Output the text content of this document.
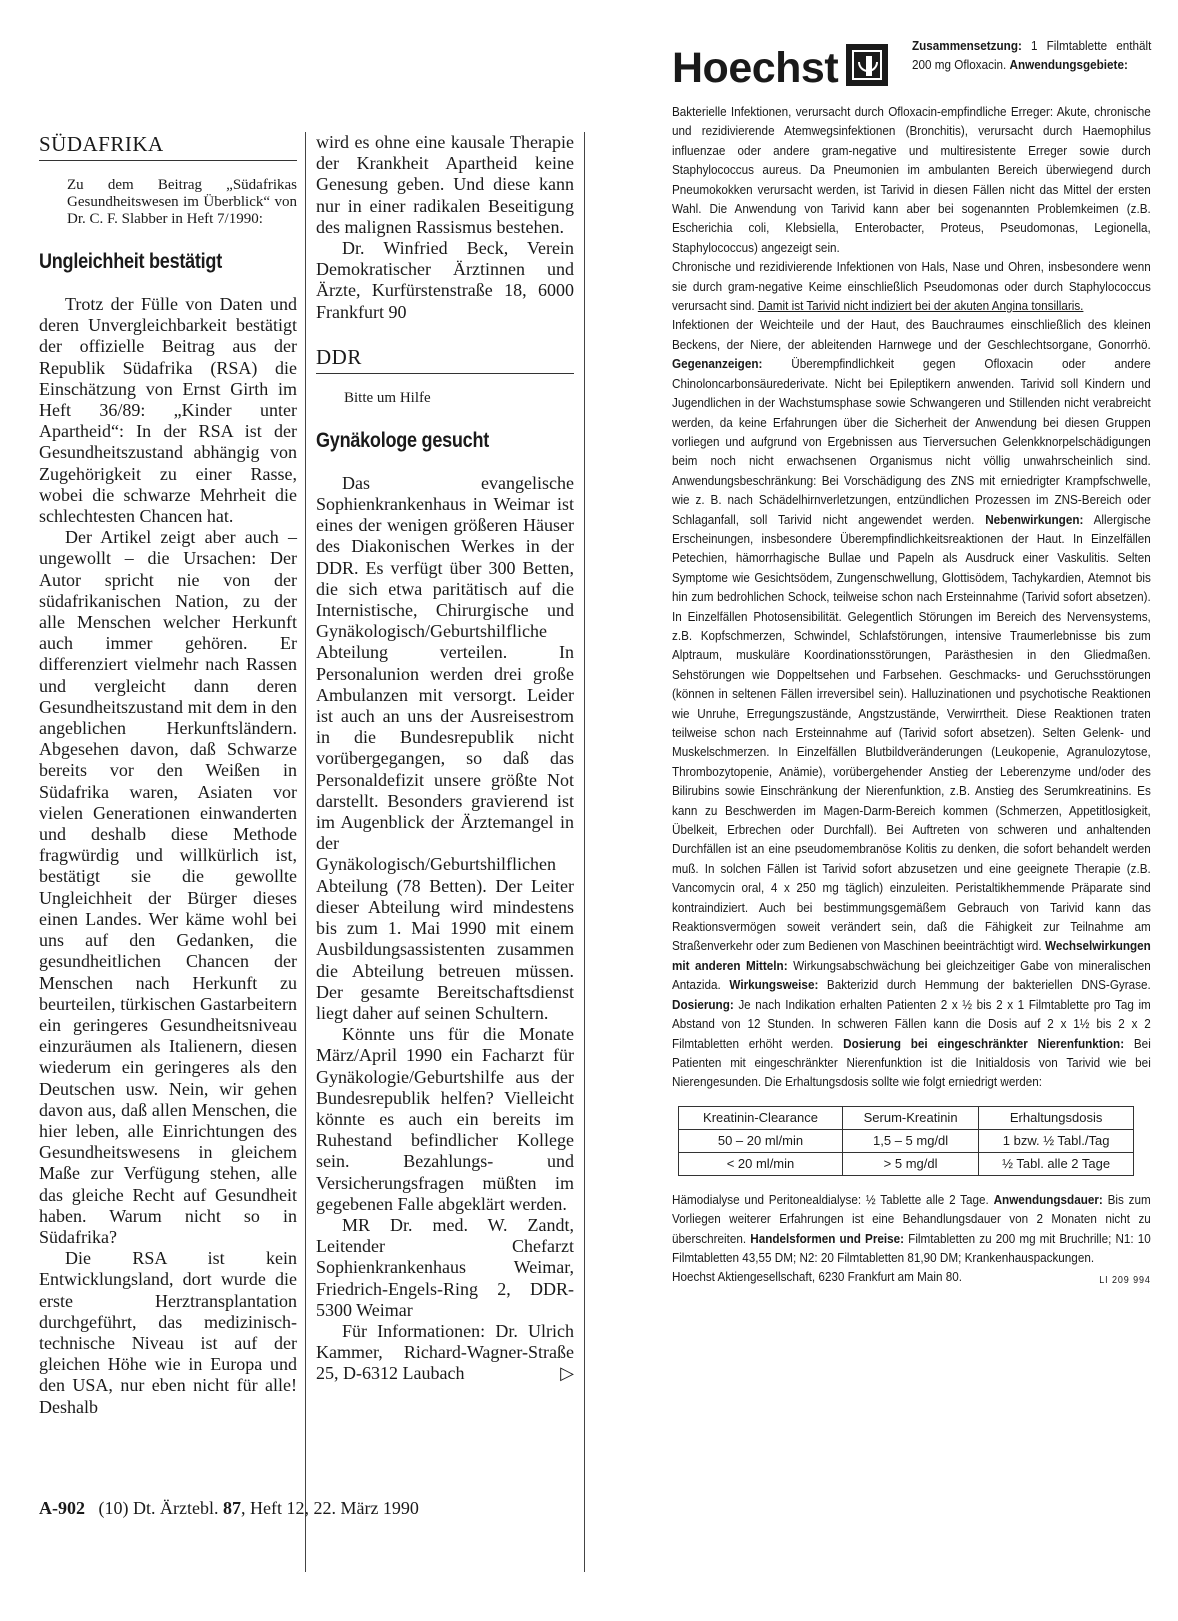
SÜDAFRIKA
Zu dem Beitrag „Südafrikas Gesundheitswesen im Überblick“ von Dr. C. F. Slabber in Heft 7/1990:
Ungleichheit bestätigt

Trotz der Fülle von Daten und deren Unvergleichbarkeit bestätigt der offizielle Beitrag aus der Republik Südafrika (RSA) die Einschätzung von Ernst Girth im Heft 36/89: „Kinder unter Apartheid“: In der RSA ist der Gesundheitszustand abhängig von Zugehörigkeit zu einer Rasse, wobei die schwarze Mehrheit die schlechtesten Chancen hat.

Der Artikel zeigt aber auch – ungewollt – die Ursachen: Der Autor spricht nie von der südafrikanischen Nation, zu der alle Menschen welcher Herkunft auch immer gehören. Er differenziert vielmehr nach Rassen und vergleicht dann deren Gesundheitszustand mit dem in den angeblichen Herkunftsländern. Abgesehen davon, daß Schwarze bereits vor den Weißen in Südafrika waren, Asiaten vor vielen Generationen einwanderten und deshalb diese Methode fragwürdig und willkürlich ist, bestätigt sie die gewollte Ungleichheit der Bürger dieses einen Landes. Wer käme wohl bei uns auf den Gedanken, die gesundheitlichen Chancen der Menschen nach Herkunft zu beurteilen, türkischen Gastarbeitern ein geringeres Gesundheitsniveau einzuräumen als Italienern, diesen wiederum ein geringeres als den Deutschen usw. Nein, wir gehen davon aus, daß allen Menschen, die hier leben, alle Einrichtungen des Gesundheitswesens in gleichem Maße zur Verfügung stehen, alle das gleiche Recht auf Gesundheit haben. Warum nicht so in Südafrika?

Die RSA ist kein Entwicklungsland, dort wurde die erste Herztransplantation durchgeführt, das medizinisch-technische Niveau ist auf der gleichen Höhe wie in Europa und den USA, nur eben nicht für alle! Deshalb

wird es ohne eine kausale Therapie der Krankheit Apartheid keine Genesung geben. Und diese kann nur in einer radikalen Beseitigung des malignen Rassismus bestehen.

Dr. Winfried Beck, Verein Demokratischer Ärztinnen und Ärzte, Kurfürstenstraße 18, 6000 Frankfurt 90

DDR
Bitte um Hilfe
Gynäkologe gesucht

Das evangelische Sophienkrankenhaus in Weimar ist eines der wenigen größeren Häuser des Diakonischen Werkes in der DDR. Es verfügt über 300 Betten, die sich etwa paritätisch auf die Internistische, Chirurgische und Gynäkologisch/Geburtshilfliche Abteilung verteilen. In Personalunion werden drei große Ambulanzen mit versorgt. Leider ist auch an uns der Ausreisestrom in die Bundesrepublik nicht vorübergegangen, so daß das Personaldefizit unsere größte Not darstellt. Besonders gravierend ist im Augenblick der Ärztemangel in der Gynäkologisch/Geburtshilflichen Abteilung (78 Betten). Der Leiter dieser Abteilung wird mindestens bis zum 1. Mai 1990 mit einem Ausbildungsassistenten zusammen die Abteilung betreuen müssen. Der gesamte Bereitschaftsdienst liegt daher auf seinen Schultern.

Könnte uns für die Monate März/April 1990 ein Facharzt für Gynäkologie/Geburtshilfe aus der Bundesrepublik helfen? Vielleicht könnte es auch ein bereits im Ruhestand befindlicher Kollege sein. Bezahlungs- und Versicherungsfragen müßten im gegebenen Falle abgeklärt werden.

MR Dr. med. W. Zandt, Leitender Chefarzt Sophienkrankenhaus Weimar, Friedrich-Engels-Ring 2, DDR-5300 Weimar

Für Informationen: Dr. Ulrich Kammer, Richard-Wagner-Straße 25, D-6312 Laubach	▷

Hoechst	Zusammensetzung: 1 Filmtablette enthält 200 mg Ofloxacin. Anwendungsgebiete:

Bakterielle Infektionen, verursacht durch Ofloxacin-empfindliche Erreger: Akute, chronische und rezidivierende Atemwegsinfektionen (Bronchitis), verursacht durch Haemophilus influenzae oder andere gram-negative und multiresistente Erreger sowie durch Staphylococcus aureus. Da Pneumonien im ambulanten Bereich überwiegend durch Pneumokokken verursacht werden, ist Tarivid in diesen Fällen nicht das Mittel der ersten Wahl. Die Anwendung von Tarivid kann aber bei sogenannten Problemkeimen (z.B. Escherichia coli, Klebsiella, Enterobacter, Proteus, Pseudomonas, Legionella, Staphylococcus) angezeigt sein.

Chronische und rezidivierende Infektionen von Hals, Nase und Ohren, insbesondere wenn sie durch gram-negative Keime einschließlich Pseudomonas oder durch Staphylococcus verursacht sind. Damit ist Tarivid nicht indiziert bei der akuten Angina tonsillaris.

Infektionen der Weichteile und der Haut, des Bauchraumes einschließlich des kleinen Beckens, der Niere, der ableitenden Harnwege und der Geschlechtsorgane, Gonorrhö. Gegenanzeigen: Überempfindlichkeit gegen Ofloxacin oder andere Chinoloncarbonsäurederivate. Nicht bei Epileptikern anwenden. Tarivid soll Kindern und Jugendlichen in der Wachstumsphase sowie Schwangeren und Stillenden nicht verabreicht werden, da keine Erfahrungen über die Sicherheit der Anwendung bei diesen Gruppen vorliegen und aufgrund von Ergebnissen aus Tierversuchen Gelenkknorpelschädigungen beim noch nicht erwachsenen Organismus nicht völlig unwahrscheinlich sind. Anwendungsbeschränkung: Bei Vorschädigung des ZNS mit erniedrigter Krampfschwelle, wie z. B. nach Schädelhirnverletzungen, entzündlichen Prozessen im ZNS-Bereich oder Schlaganfall, soll Tarivid nicht angewendet werden. Nebenwirkungen: Allergische Erscheinungen, insbesondere Überempfindlichkeitsreaktionen der Haut. In Einzelfällen Petechien, hämorrhagische Bullae und Papeln als Ausdruck einer Vaskulitis. Selten Symptome wie Gesichtsödem, Zungenschwellung, Glottisödem, Tachykardien, Atemnot bis hin zum bedrohlichen Schock, teilweise schon nach Ersteinnahme (Tarivid sofort absetzen). In Einzelfällen Photosensibilität. Gelegentlich Störungen im Bereich des Nervensystems, z.B. Kopfschmerzen, Schwindel, Schlafstörungen, intensive Traumerlebnisse bis zum Alptraum, muskuläre Koordinationsstörungen, Parästhesien in den Gliedmaßen. Sehstörungen wie Doppeltsehen und Farbsehen. Geschmacks- und Geruchsstörungen (können in seltenen Fällen irreversibel sein). Halluzinationen und psychotische Reaktionen wie Unruhe, Erregungszustände, Angstzustände, Verwirrtheit. Diese Reaktionen traten teilweise schon nach Ersteinnahme auf (Tarivid sofort absetzen). Selten Gelenk- und Muskelschmerzen. In Einzelfällen Blutbildveränderungen (Leukopenie, Agranulozytose, Thrombozytopenie, Anämie), vorübergehender Anstieg der Leberenzyme und/oder des Bilirubins sowie Einschränkung der Nierenfunktion, z.B. Anstieg des Serumkreatinins. Es kann zu Beschwerden im Magen-Darm-Bereich kommen (Schmerzen, Appetitlosigkeit, Übelkeit, Erbrechen oder Durchfall). Bei Auftreten von schweren und anhaltenden Durchfällen ist an eine pseudomembranöse Kolitis zu denken, die sofort behandelt werden muß. In solchen Fällen ist Tarivid sofort abzusetzen und eine geeignete Therapie (z.B. Vancomycin oral, 4 x 250 mg täglich) einzuleiten. Peristaltikhemmende Präparate sind kontraindiziert. Auch bei bestimmungsgemäßem Gebrauch von Tarivid kann das Reaktionsvermögen soweit verändert sein, daß die Fähigkeit zur Teilnahme am Straßenverkehr oder zum Bedienen von Maschinen beeinträchtigt wird. Wechselwirkungen mit anderen Mitteln: Wirkungsabschwächung bei gleichzeitiger Gabe von mineralischen Antazida. Wirkungsweise: Bakterizid durch Hemmung der bakteriellen DNS-Gyrase. Dosierung: Je nach Indikation erhalten Patienten 2 x ½ bis 2 x 1 Filmtablette pro Tag im Abstand von 12 Stunden. In schweren Fällen kann die Dosis auf 2 x 1½ bis 2 x 2 Filmtabletten erhöht werden. Dosierung bei eingeschränkter Nierenfunktion: Bei Patienten mit eingeschränkter Nierenfunktion ist die Initialdosis von Tarivid wie bei Nierengesunden. Die Erhaltungsdosis sollte wie folgt erniedrigt werden:

Kreatinin-Clearance	Serum-Kreatinin	Erhaltungsdosis
50 – 20 ml/min	1,5 – 5 mg/dl	1 bzw. ½ Tabl./Tag
< 20 ml/min	> 5 mg/dl	½ Tabl. alle 2 Tage

Hämodialyse und Peritonealdialyse: ½ Tablette alle 2 Tage. Anwendungsdauer: Bis zum Vorliegen weiterer Erfahrungen ist eine Behandlungsdauer von 2 Monaten nicht zu überschreiten. Handelsformen und Preise: Filmtabletten zu 200 mg mit Bruchrille; N1: 10 Filmtabletten 43,55 DM; N2: 20 Filmtabletten 81,90 DM; Krankenhauspackungen.

Hoechst Aktiengesellschaft, 6230 Frankfurt am Main 80.	LI 209 994

A-902 (10) Dt. Ärztebl. 87, Heft 12, 22. März 1990
